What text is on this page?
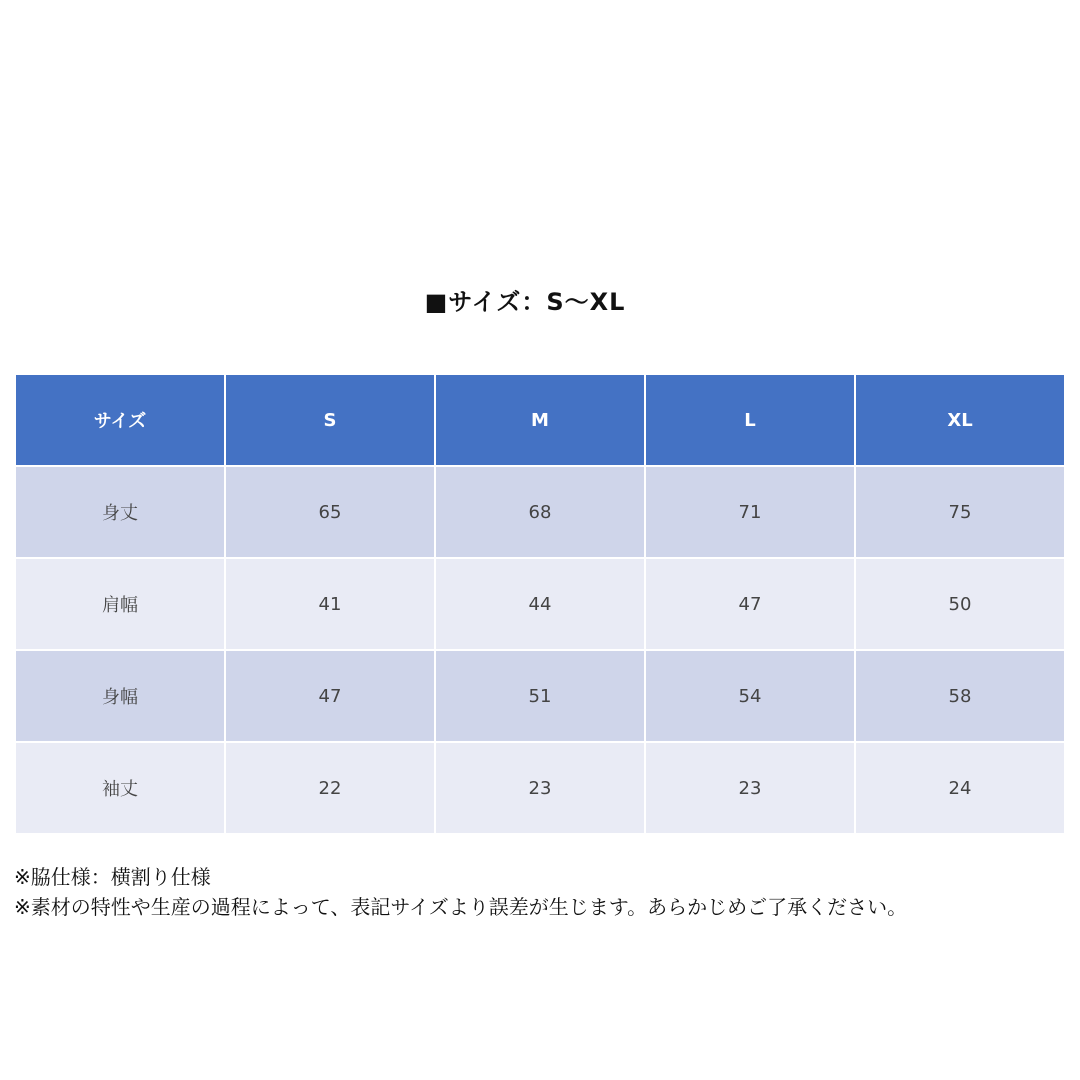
■サイズ：S〜XL
サイズ	S	M	L	XL
身丈	65	68	71	75
肩幅	41	44	47	50
身幅	47	51	54	58
袖丈	22	23	23	24
※脇仕様：横割り仕様
※素材の特性や生産の過程によって、表記サイズより誤差が生じます。あらかじめご了承ください。
